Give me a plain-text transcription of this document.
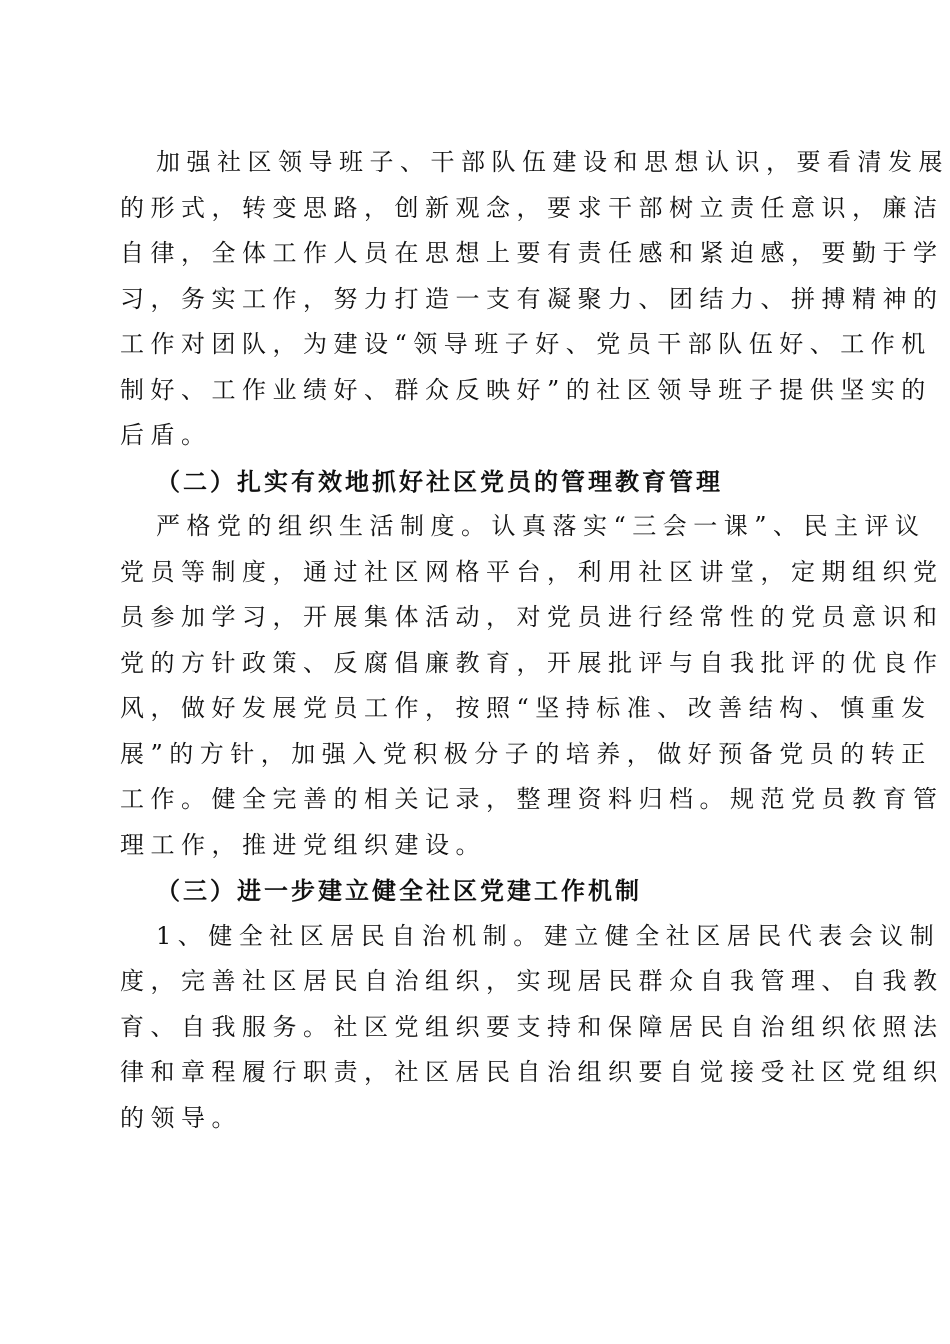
加强社区领导班子、干部队伍建设和思想认识，要看清发展
的形式，转变思路，创新观念，要求干部树立责任意识，廉洁
自律，全体工作人员在思想上要有责任感和紧迫感，要勤于学
习，务实工作，努力打造一支有凝聚力、团结力、拼搏精神的
工作对团队，为建设“领导班子好、党员干部队伍好、工作机
制好、工作业绩好、群众反映好”的社区领导班子提供坚实的
后盾。
（二）扎实有效地抓好社区党员的管理教育管理
严格党的组织生活制度。认真落实“三会一课”、民主评议
党员等制度，通过社区网格平台，利用社区讲堂，定期组织党
员参加学习，开展集体活动，对党员进行经常性的党员意识和
党的方针政策、反腐倡廉教育，开展批评与自我批评的优良作
风，做好发展党员工作，按照“坚持标准、改善结构、慎重发
展”的方针，加强入党积极分子的培养，做好预备党员的转正
工作。健全完善的相关记录，整理资料归档。规范党员教育管
理工作，推进党组织建设。
（三）进一步建立健全社区党建工作机制
1、健全社区居民自治机制。建立健全社区居民代表会议制
度，完善社区居民自治组织，实现居民群众自我管理、自我教
育、自我服务。社区党组织要支持和保障居民自治组织依照法
律和章程履行职责，社区居民自治组织要自觉接受社区党组织
的领导。
